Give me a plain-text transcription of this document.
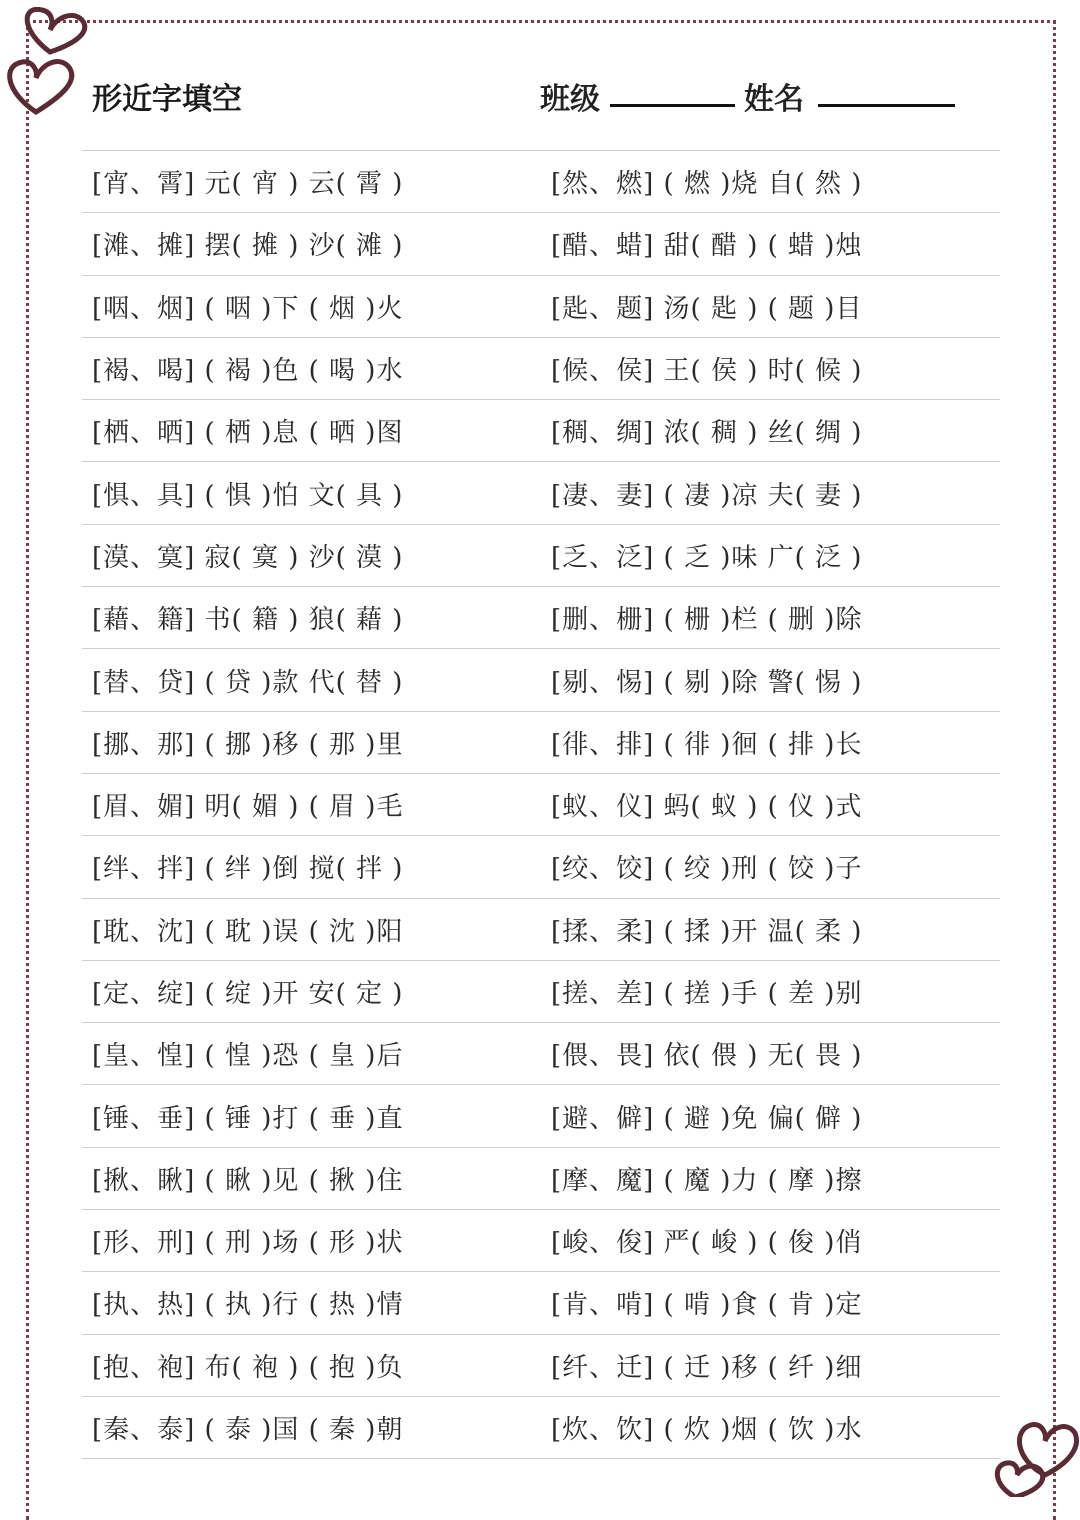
形近字填空	班级	姓名
[宵、霄] 元( 宵 ) 云( 霄 )	[然、燃] ( 燃 )烧 自( 然 )
[滩、摊] 摆( 摊 ) 沙( 滩 )	[醋、蜡] 甜( 醋 ) ( 蜡 )烛
[咽、烟] ( 咽 )下 ( 烟 )火	[匙、题] 汤( 匙 ) ( 题 )目
[褐、喝] ( 褐 )色 ( 喝 )水	[候、侯] 王( 侯 ) 时( 候 )
[栖、晒] ( 栖 )息 ( 晒 )图	[稠、绸] 浓( 稠 ) 丝( 绸 )
[惧、具] ( 惧 )怕 文( 具 )	[凄、妻] ( 凄 )凉 夫( 妻 )
[漠、寞] 寂( 寞 ) 沙( 漠 )	[乏、泛] ( 乏 )味 广( 泛 )
[藉、籍] 书( 籍 ) 狼( 藉 )	[删、栅] ( 栅 )栏 ( 删 )除
[替、贷] ( 贷 )款 代( 替 )	[剔、惕] ( 剔 )除 警( 惕 )
[挪、那] ( 挪 )移 ( 那 )里	[徘、排] ( 徘 )徊 ( 排 )长
[眉、媚] 明( 媚 ) ( 眉 )毛	[蚁、仪] 蚂( 蚁 ) ( 仪 )式
[绊、拌] ( 绊 )倒 搅( 拌 )	[绞、饺] ( 绞 )刑 ( 饺 )子
[耽、沈] ( 耽 )误 ( 沈 )阳	[揉、柔] ( 揉 )开 温( 柔 )
[定、绽] ( 绽 )开 安( 定 )	[搓、差] ( 搓 )手 ( 差 )别
[皇、惶] ( 惶 )恐 ( 皇 )后	[偎、畏] 依( 偎 ) 无( 畏 )
[锤、垂] ( 锤 )打 ( 垂 )直	[避、僻] ( 避 )免 偏( 僻 )
[揪、瞅] ( 瞅 )见 ( 揪 )住	[摩、魔] ( 魔 )力 ( 摩 )擦
[形、刑] ( 刑 )场 ( 形 )状	[峻、俊] 严( 峻 ) ( 俊 )俏
[执、热] ( 执 )行 ( 热 )情	[肯、啃] ( 啃 )食 ( 肯 )定
[抱、袍] 布( 袍 ) ( 抱 )负	[纤、迁] ( 迁 )移 ( 纤 )细
[秦、泰] ( 泰 )国 ( 秦 )朝	[炊、饮] ( 炊 )烟 ( 饮 )水
